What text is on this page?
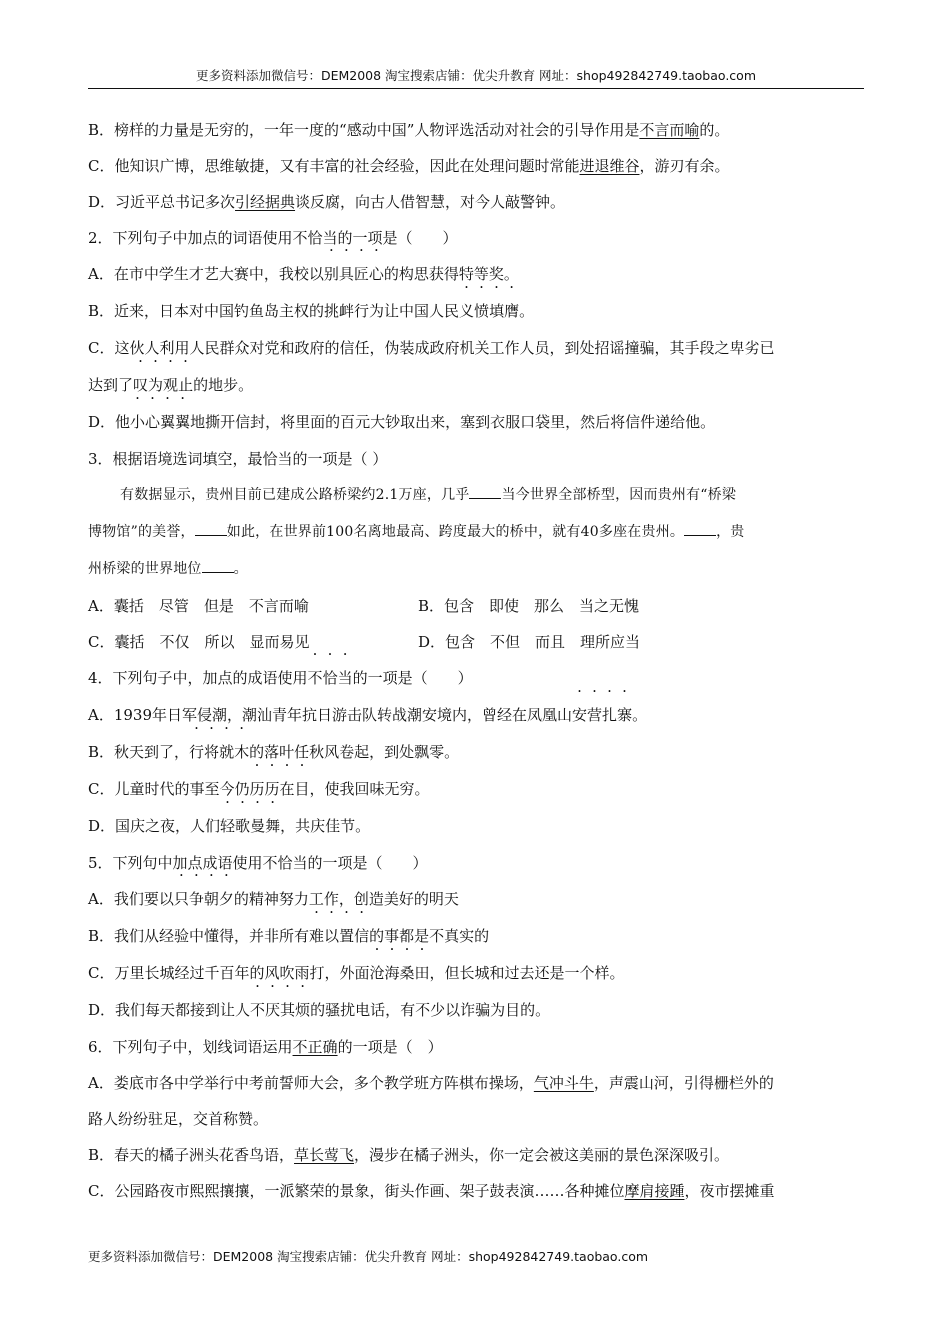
更多资料添加微信号：DEM2008 淘宝搜索店铺：优尖升教育 网址：shop492842749.taobao.com
B．榜样的力量是无穷的，一年一度的“感动中国”人物评选活动对社会的引导作用是不言而喻的。
C．他知识广博，思维敏捷，又有丰富的社会经验，因此在处理问题时常能进退维谷，游刃有余。
D．习近平总书记多次引经据典谈反腐，向古人借智慧，对今人敲警钟。
2．下列句子中加点的词语使用不恰当的一项是（　　）
A．在市中学生才艺大赛中，我校以别具匠心的构思获得特等奖。
B．近来，日本对中国钓鱼岛主权的挑衅行为让中国人民义愤填膺。
C．这伙人利用人民群众对党和政府的信任，伪装成政府机关工作人员，到处招谣撞骗，其手段之卑劣已
达到了叹为观止的地步。
D．他小心翼翼地撕开信封，将里面的百元大钞取出来，塞到衣服口袋里，然后将信件递给他。
3．根据语境选词填空，最恰当的一项是（ ）
有数据显示，贵州目前已建成公路桥梁约2.1万座，几乎 当今世界全部桥型，因而贵州有“桥梁
博物馆”的美誉， 如此，在世界前100名离地最高、跨度最大的桥中，就有40多座在贵州。 ，贵
州桥梁的世界地位 。
A．囊括　尽管　但是　不言而喻	B．包含　即使　那么　当之无愧
C．囊括　不仅　所以　显而易见	D．包含　不但　而且　理所应当
4．下列句子中，加点的成语使用不恰当的一项是（　　）
A．1939年日军侵潮，潮汕青年抗日游击队转战潮安境内，曾经在凤凰山安营扎寨。
B．秋天到了，行将就木的落叶任秋风卷起，到处飘零。
C．儿童时代的事至今仍历历在目，使我回味无穷。
D．国庆之夜，人们轻歌曼舞，共庆佳节。
5．下列句中加点成语使用不恰当的一项是（　　）
A．我们要以只争朝夕的精神努力工作，创造美好的明天
B．我们从经验中懂得，并非所有难以置信的事都是不真实的
C．万里长城经过千百年的风吹雨打，外面沧海桑田，但长城和过去还是一个样。
D．我们每天都接到让人不厌其烦的骚扰电话，有不少以诈骗为目的。
6．下列句子中，划线词语运用不正确的一项是（　）
A．娄底市各中学举行中考前誓师大会，多个教学班方阵棋布操场，气冲斗牛，声震山河，引得栅栏外的
路人纷纷驻足，交首称赞。
B．春天的橘子洲头花香鸟语，草长莺飞，漫步在橘子洲头，你一定会被这美丽的景色深深吸引。
C．公园路夜市熙熙攘攘，一派繁荣的景象，街头作画、架子鼓表演……各种摊位摩肩接踵，夜市摆摊重
更多资料添加微信号：DEM2008 淘宝搜索店铺：优尖升教育 网址：shop492842749.taobao.com
